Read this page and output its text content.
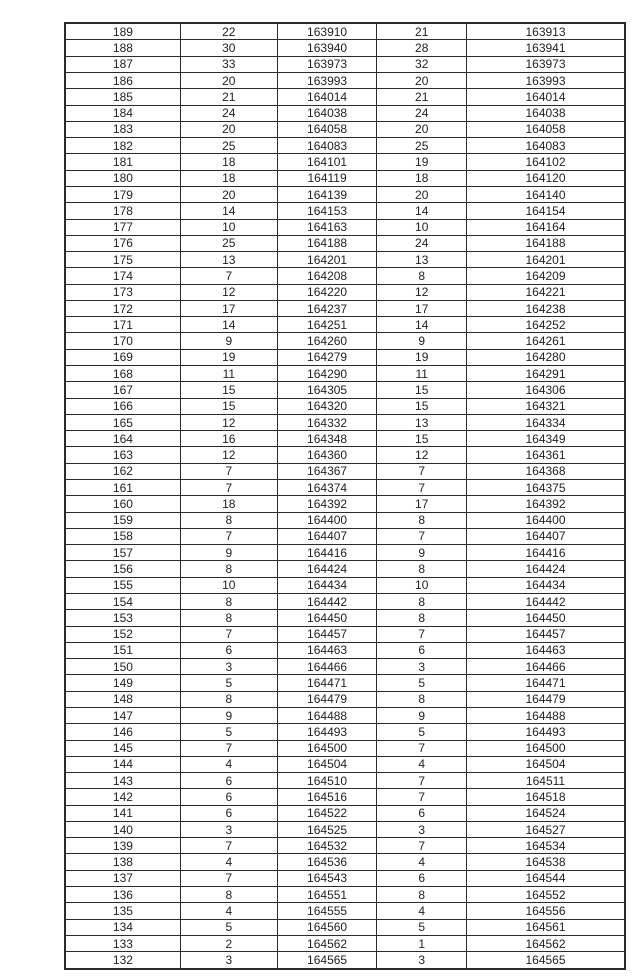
189	22	163910	21	163913
188	30	163940	28	163941
187	33	163973	32	163973
186	20	163993	20	163993
185	21	164014	21	164014
184	24	164038	24	164038
183	20	164058	20	164058
182	25	164083	25	164083
181	18	164101	19	164102
180	18	164119	18	164120
179	20	164139	20	164140
178	14	164153	14	164154
177	10	164163	10	164164
176	25	164188	24	164188
175	13	164201	13	164201
174	7	164208	8	164209
173	12	164220	12	164221
172	17	164237	17	164238
171	14	164251	14	164252
170	9	164260	9	164261
169	19	164279	19	164280
168	11	164290	11	164291
167	15	164305	15	164306
166	15	164320	15	164321
165	12	164332	13	164334
164	16	164348	15	164349
163	12	164360	12	164361
162	7	164367	7	164368
161	7	164374	7	164375
160	18	164392	17	164392
159	8	164400	8	164400
158	7	164407	7	164407
157	9	164416	9	164416
156	8	164424	8	164424
155	10	164434	10	164434
154	8	164442	8	164442
153	8	164450	8	164450
152	7	164457	7	164457
151	6	164463	6	164463
150	3	164466	3	164466
149	5	164471	5	164471
148	8	164479	8	164479
147	9	164488	9	164488
146	5	164493	5	164493
145	7	164500	7	164500
144	4	164504	4	164504
143	6	164510	7	164511
142	6	164516	7	164518
141	6	164522	6	164524
140	3	164525	3	164527
139	7	164532	7	164534
138	4	164536	4	164538
137	7	164543	6	164544
136	8	164551	8	164552
135	4	164555	4	164556
134	5	164560	5	164561
133	2	164562	1	164562
132	3	164565	3	164565
